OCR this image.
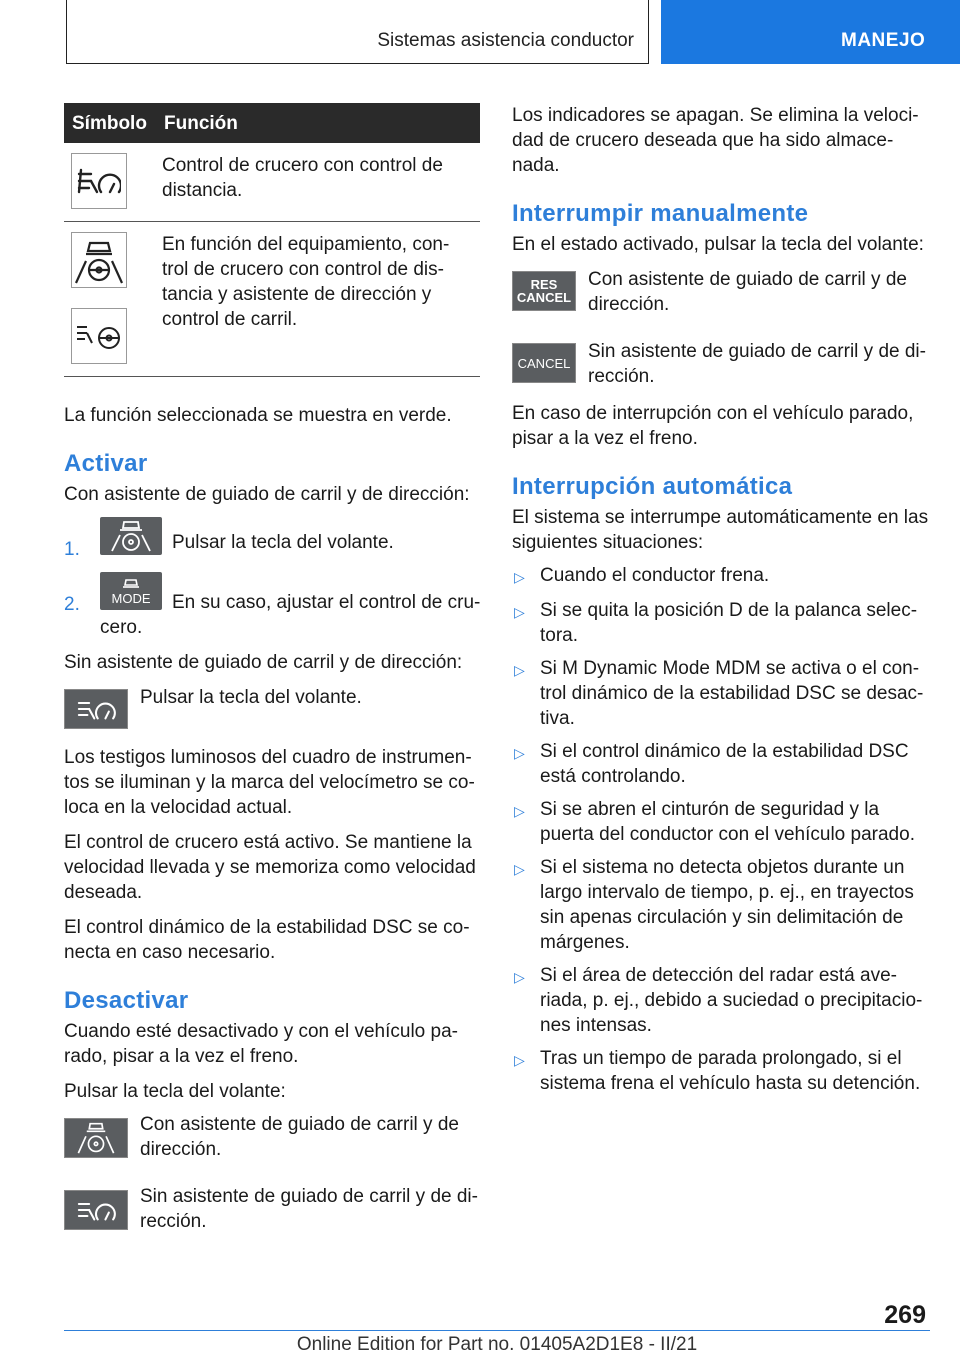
Sistemas asistencia conductor	MANEJO
Símbolo	Función

	Control de crucero con control de distancia.

	En función del equipamiento, con-trol de crucero con control de dis-tancia y asistente de dirección y control de carril.

La función seleccionada se muestra en verde.

Activar

Con asistente de guiado de carril y de dirección:

1.	Pulsar la tecla del volante.
2.	MODE	En su caso, ajustar el control de cru-cero.

Sin asistente de guiado de carril y de dirección:

Pulsar la tecla del volante.

Los testigos luminosos del cuadro de instrumen-tos se iluminan y la marca del velocímetro se co-loca en la velocidad actual.

El control de crucero está activo. Se mantiene la velocidad llevada y se memoriza como velocidad deseada.

El control dinámico de la estabilidad DSC se co-necta en caso necesario.

Desactivar

Cuando esté desactivado y con el vehículo pa-rado, pisar a la vez el freno.

Pulsar la tecla del volante:

Con asistente de guiado de carril y de dirección.
Sin asistente de guiado de carril y de di-rección.

Los indicadores se apagan. Se elimina la veloci-dad de crucero deseada que ha sido almace-nada.

Interrumpir manualmente

En el estado activado, pulsar la tecla del volante:

RES
CANCEL
Con asistente de guiado de carril y de dirección.
CANCEL
Sin asistente de guiado de carril y de di-rección.

En caso de interrupción con el vehículo parado, pisar a la vez el freno.

Interrupción automática

El sistema se interrumpe automáticamente en las siguientes situaciones:

▷ Cuando el conductor frena.
▷ Si se quita la posición D de la palanca selec-tora.
▷ Si M Dynamic Mode MDM se activa o el con-trol dinámico de la estabilidad DSC se desac-tiva.
▷ Si el control dinámico de la estabilidad DSC está controlando.
▷ Si se abren el cinturón de seguridad y la puerta del conductor con el vehículo parado.
▷ Si el sistema no detecta objetos durante un largo intervalo de tiempo, p. ej., en trayectos sin apenas circulación y sin delimitación de márgenes.
▷ Si el área de detección del radar está ave-riada, p. ej., debido a suciedad o precipitacio-nes intensas.
▷ Tras un tiempo de parada prolongado, si el sistema frena el vehículo hasta su detención.
269
Online Edition for Part no. 01405A2D1E8 - II/21
